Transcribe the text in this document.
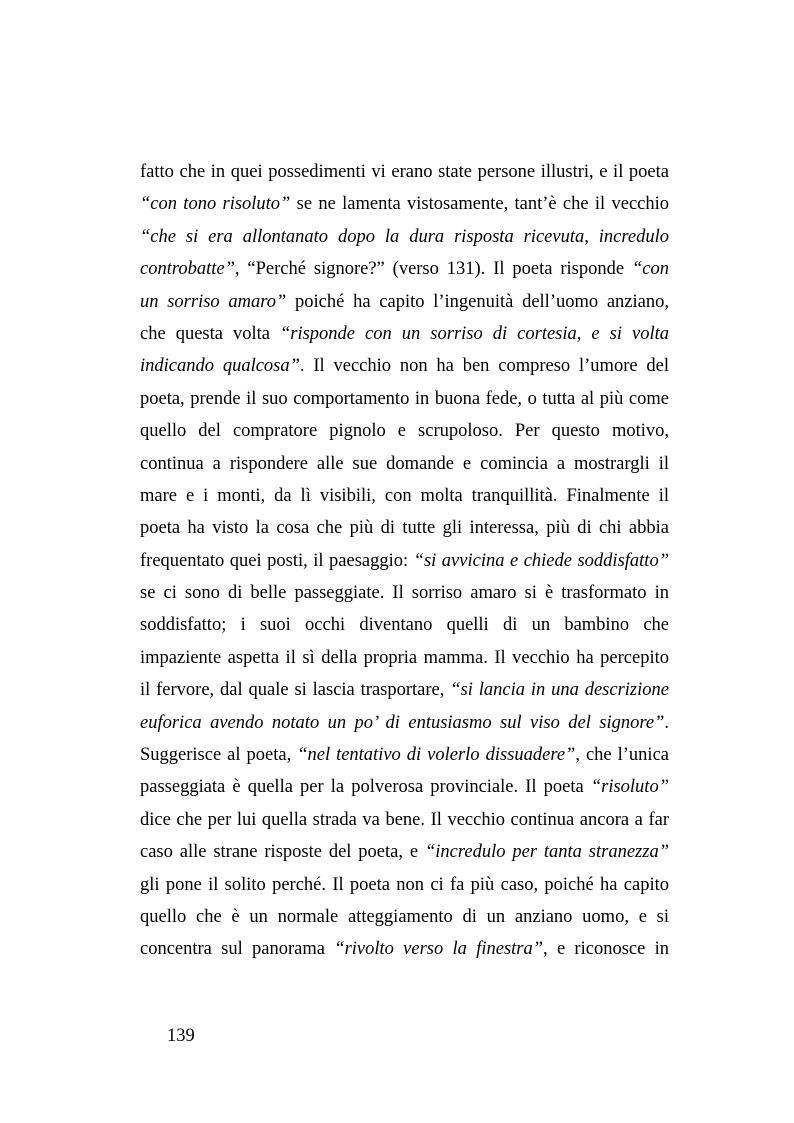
fatto che in quei possedimenti vi erano state persone illustri, e il poeta
“con tono risoluto” se ne lamenta vistosamente, tant’è che il vecchio
“che si era allontanato dopo la dura risposta ricevuta, incredulo
controbatte”, “Perché signore?” (verso 131). Il poeta risponde “con
un sorriso amaro” poiché ha capito l’ingenuità dell’uomo anziano,
che questa volta “risponde con un sorriso di cortesia, e si volta
indicando qualcosa”. Il vecchio non ha ben compreso l’umore del
poeta, prende il suo comportamento in buona fede, o tutta al più come
quello del compratore pignolo e scrupoloso. Per questo motivo,
continua a rispondere alle sue domande e comincia a mostrargli il
mare e i monti, da lì visibili, con molta tranquillità. Finalmente il
poeta ha visto la cosa che più di tutte gli interessa, più di chi abbia
frequentato quei posti, il paesaggio: “si avvicina e chiede soddisfatto”
se ci sono di belle passeggiate. Il sorriso amaro si è trasformato in
soddisfatto; i suoi occhi diventano quelli di un bambino che
impaziente aspetta il sì della propria mamma. Il vecchio ha percepito
il fervore, dal quale si lascia trasportare, “si lancia in una descrizione
euforica avendo notato un po’ di entusiasmo sul viso del signore”.
Suggerisce al poeta, “nel tentativo di volerlo dissuadere”, che l’unica
passeggiata è quella per la polverosa provinciale. Il poeta “risoluto”
dice che per lui quella strada va bene. Il vecchio continua ancora a far
caso alle strane risposte del poeta, e “incredulo per tanta stranezza”
gli pone il solito perché. Il poeta non ci fa più caso, poiché ha capito
quello che è un normale atteggiamento di un anziano uomo, e si
concentra sul panorama “rivolto verso la finestra”, e riconosce in
139
